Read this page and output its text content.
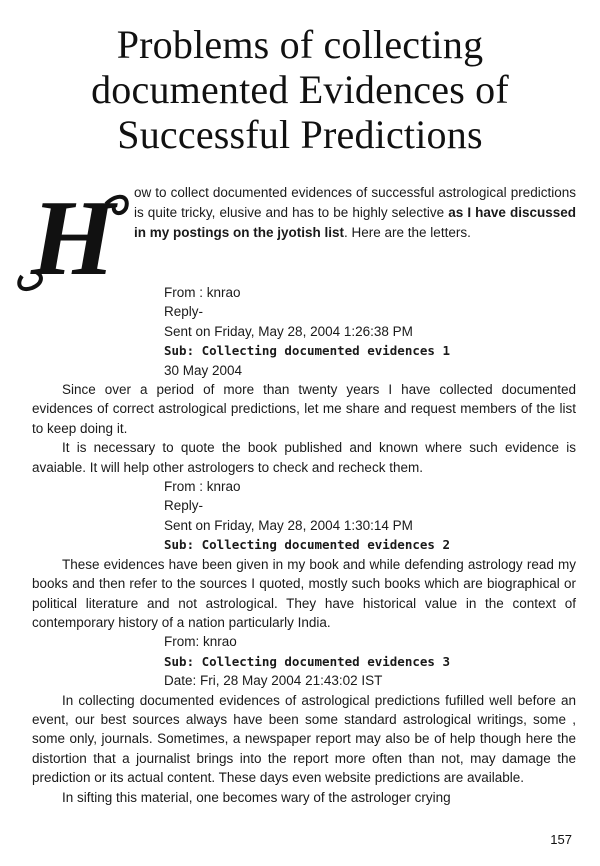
Problems of collecting
documented Evidences of
Successful Predictions
H ow to collect documented evidences of successful astrological predictions is quite tricky, elusive and has to be highly selective as I have discussed in my postings on the jyotish list. Here are the letters.
From : knrao
Reply-
Sent on Friday, May 28, 2004 1:26:38 PM
Sub: Collecting documented evidences 1
30 May 2004
Since over a period of more than twenty years I have collected documented evidences of correct astrological predictions, let me share and request members of the list to keep doing it.
It is necessary to quote the book published and known where such evidence is avaiable. It will help other astrologers to check and recheck them.
From : knrao
Reply-
Sent on Friday, May 28, 2004 1:30:14 PM
Sub: Collecting documented evidences 2
These evidences have been given in my book and while defending astrology read my books and then refer to the sources I quoted, mostly such books which are biographical or political literature and not astrological. They have historical value in the context of contemporary history of a nation particularly India.
From: knrao
Sub: Collecting documented evidences 3
Date: Fri, 28 May 2004 21:43:02 IST
In collecting documented evidences of astrological predictions fufilled well before an event, our best sources always have been some standard astrological writings, some , some only, journals. Sometimes, a newspaper report may also be of help though here the distortion that a journalist brings into the report more often than not, may damage the prediction or its actual content. These days even website predictions are available.
In sifting this material, one becomes wary of the astrologer crying
157
